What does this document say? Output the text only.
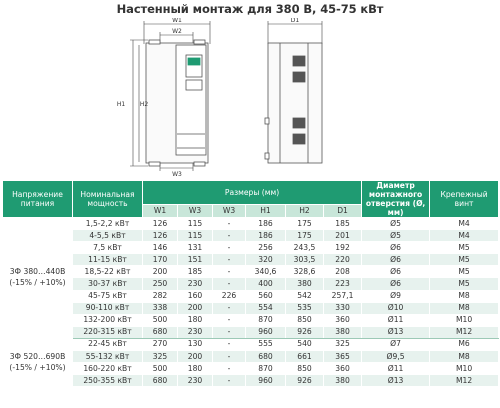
Настенный монтаж для 380 В, 45-75 кВт
W1
W2
H1 H2
W3
D1
Напряжение питания	Номинальная мощность	Размеры (мм)						Диаметр монтажного отверстия (Ø, мм)	Крепежный винт
		W1	W3	W3	H1	H2	D1		
3Ф 380…440В (-15% / +10%)	1,5-2,2 кВт	126	115	-	186	175	185	Ø5	M4
	4-5,5 кВт	126	115	-	186	175	201	Ø5	M4
	7,5 кВт	146	131	-	256	243,5	192	Ø6	M5
	11-15 кВт	170	151	-	320	303,5	220	Ø6	M5
	18,5-22 кВт	200	185	-	340,6	328,6	208	Ø6	M5
	30-37 кВт	250	230	-	400	380	223	Ø6	M5
	45-75 кВт	282	160	226	560	542	257,1	Ø9	M8
	90-110 кВт	338	200	-	554	535	330	Ø10	M8
	132-200 кВт	500	180	-	870	850	360	Ø11	M10
	220-315 кВт	680	230	-	960	926	380	Ø13	M12
3Ф 520…690В (-15% / +10%)	22-45 кВт	270	130	-	555	540	325	Ø7	M6
	55-132 кВт	325	200	-	680	661	365	Ø9,5	M8
	160-220 кВт	500	180	-	870	850	360	Ø11	M10
	250-355 кВт	680	230	-	960	926	380	Ø13	M12
